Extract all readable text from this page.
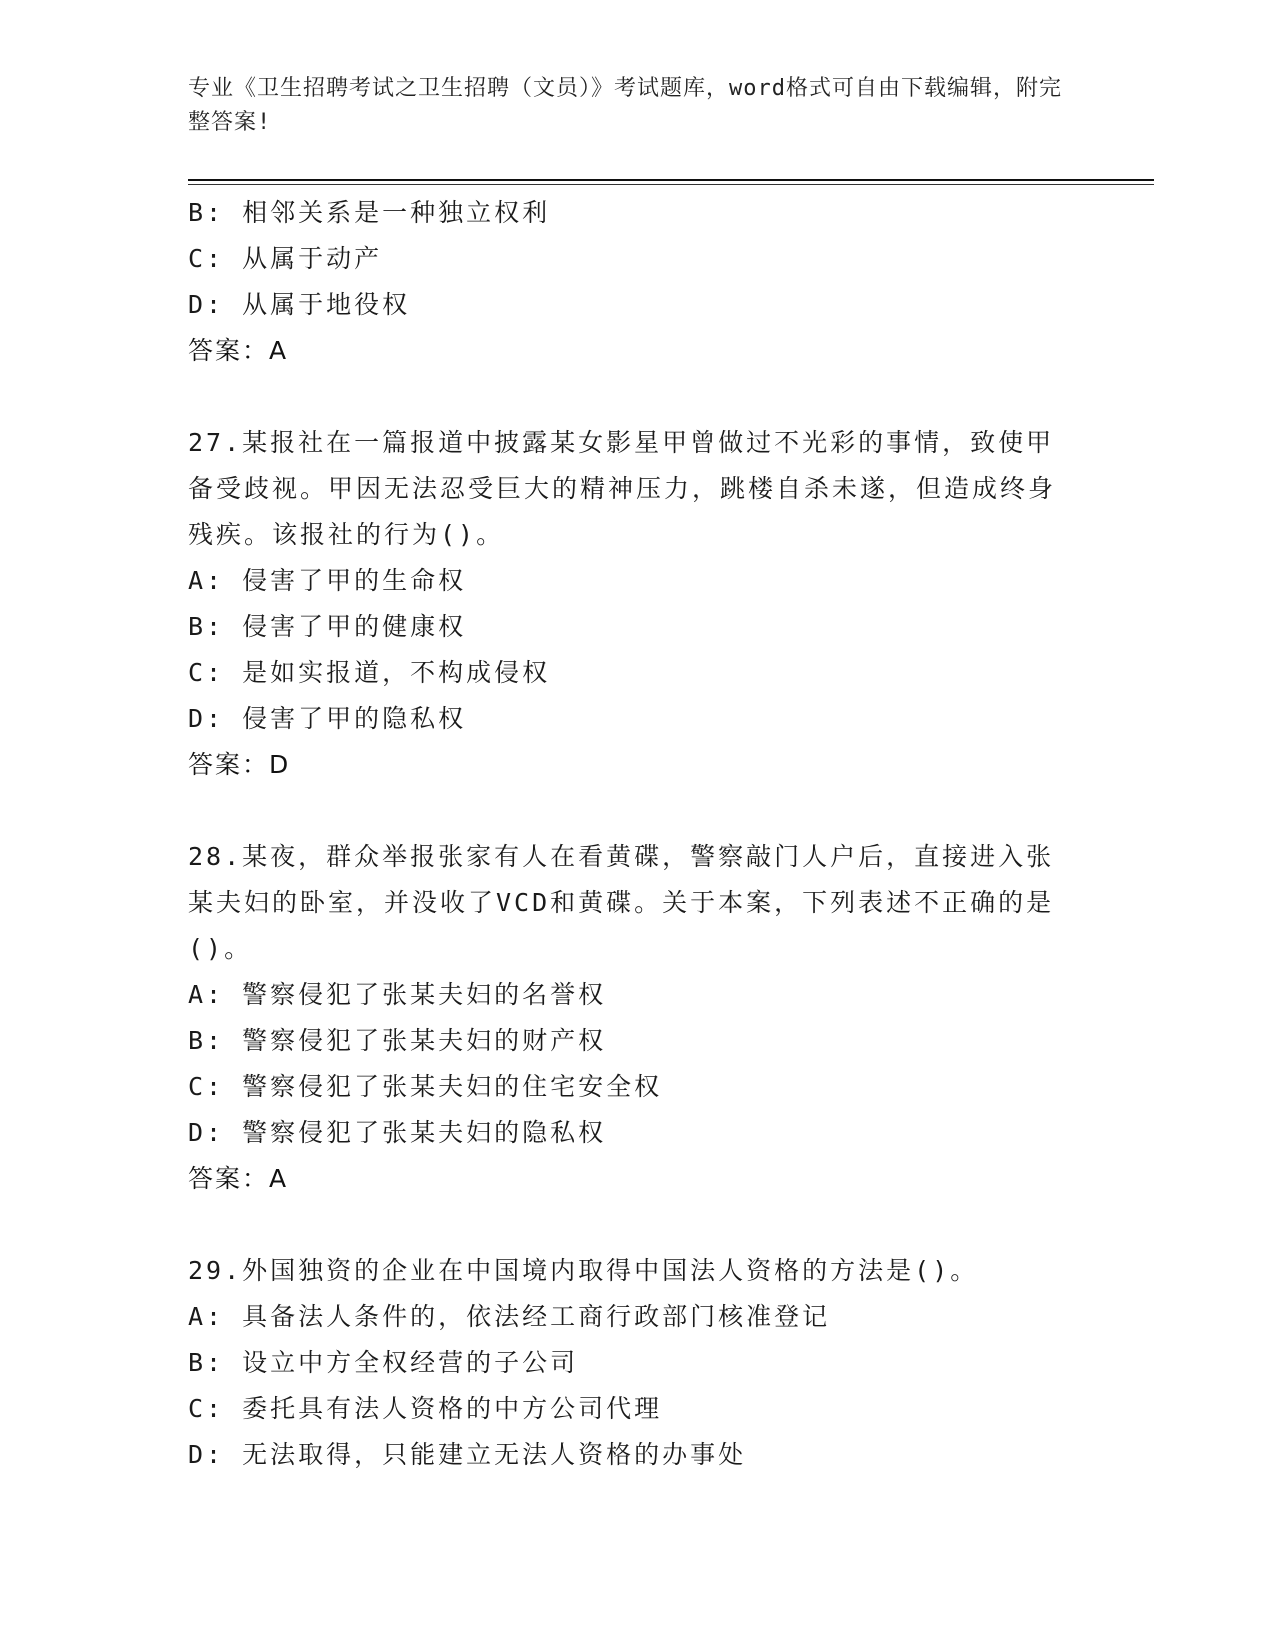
专业《卫生招聘考试之卫生招聘（文员）》考试题库，word格式可自由下载编辑，附完整答案!
B: 相邻关系是一种独立权利
C: 从属于动产
D: 从属于地役权
答案：A
27.某报社在一篇报道中披露某女影星甲曾做过不光彩的事情，致使甲备受歧视。甲因无法忍受巨大的精神压力，跳楼自杀未遂，但造成终身残疾。该报社的行为()。
A: 侵害了甲的生命权
B: 侵害了甲的健康权
C: 是如实报道，不构成侵权
D: 侵害了甲的隐私权
答案：D
28.某夜，群众举报张家有人在看黄碟，警察敲门人户后，直接进入张某夫妇的卧室，并没收了VCD和黄碟。关于本案，下列表述不正确的是()。
A: 警察侵犯了张某夫妇的名誉权
B: 警察侵犯了张某夫妇的财产权
C: 警察侵犯了张某夫妇的住宅安全权
D: 警察侵犯了张某夫妇的隐私权
答案：A
29.外国独资的企业在中国境内取得中国法人资格的方法是()。
A: 具备法人条件的，依法经工商行政部门核准登记
B: 设立中方全权经营的子公司
C: 委托具有法人资格的中方公司代理
D: 无法取得，只能建立无法人资格的办事处
